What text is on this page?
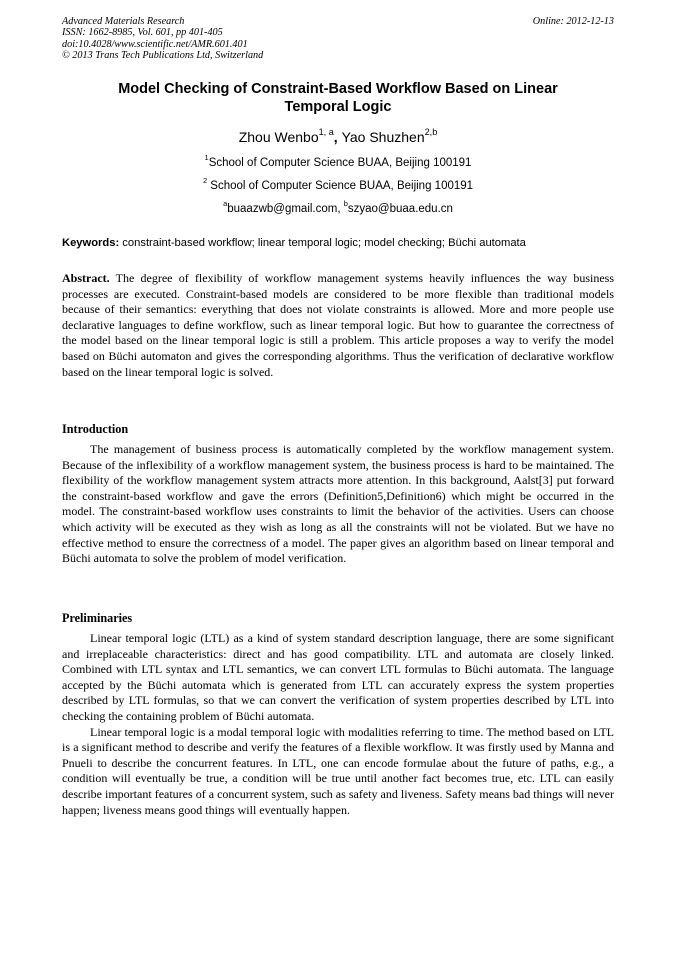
Advanced Materials Research
ISSN: 1662-8985, Vol. 601, pp 401-405
doi:10.4028/www.scientific.net/AMR.601.401
© 2013 Trans Tech Publications Ltd, Switzerland
Online: 2012-12-13
Model Checking of Constraint-Based Workflow Based on Linear
Temporal Logic
Zhou Wenbo$^{1, a}$, Yao Shuzhen$^{2,b}$
$^1$School of Computer Science BUAA, Beijing 100191
$^2$ School of Computer Science BUAA, Beijing 100191
$^a$buaazwb@gmail.com, $^b$szyao@buaa.edu.cn
Keywords: constraint-based workflow; linear temporal logic; model checking; Büchi automata
Abstract. The degree of flexibility of workflow management systems heavily influences the way business processes are executed. Constraint-based models are considered to be more flexible than traditional models because of their semantics: everything that does not violate constraints is allowed. More and more people use declarative languages to define workflow, such as linear temporal logic. But how to guarantee the correctness of the model based on the linear temporal logic is still a problem. This article proposes a way to verify the model based on Büchi automaton and gives the corresponding algorithms. Thus the verification of declarative workflow based on the linear temporal logic is solved.
Introduction

The management of business process is automatically completed by the workflow management system. Because of the inflexibility of a workflow management system, the business process is hard to be maintained. The flexibility of the workflow management system attracts more attention. In this background, Aalst[3] put forward the constraint-based workflow and gave the errors (Definition5,Definition6) which might be occurred in the model. The constraint-based workflow uses constraints to limit the behavior of the activities. Users can choose which activity will be executed as they wish as long as all the constraints will not be violated. But we have no effective method to ensure the correctness of a model. The paper gives an algorithm based on linear temporal and Büchi automata to solve the problem of model verification.

Preliminaries

Linear temporal logic (LTL) as a kind of system standard description language, there are some significant and irreplaceable characteristics: direct and has good compatibility. LTL and automata are closely linked. Combined with LTL syntax and LTL semantics, we can convert LTL formulas to Büchi automata. The language accepted by the Büchi automata which is generated from LTL can accurately express the system properties described by LTL formulas, so that we can convert the verification of system properties described by LTL into checking the containing problem of Büchi automata.

Linear temporal logic is a modal temporal logic with modalities referring to time. The method based on LTL is a significant method to describe and verify the features of a flexible workflow. It was firstly used by Manna and Pnueli to describe the concurrent features. In LTL, one can encode formulae about the future of paths, e.g., a condition will eventually be true, a condition will be true until another fact becomes true, etc. LTL can easily describe important features of a concurrent system, such as safety and liveness. Safety means bad things will never happen; liveness means good things will eventually happen.
